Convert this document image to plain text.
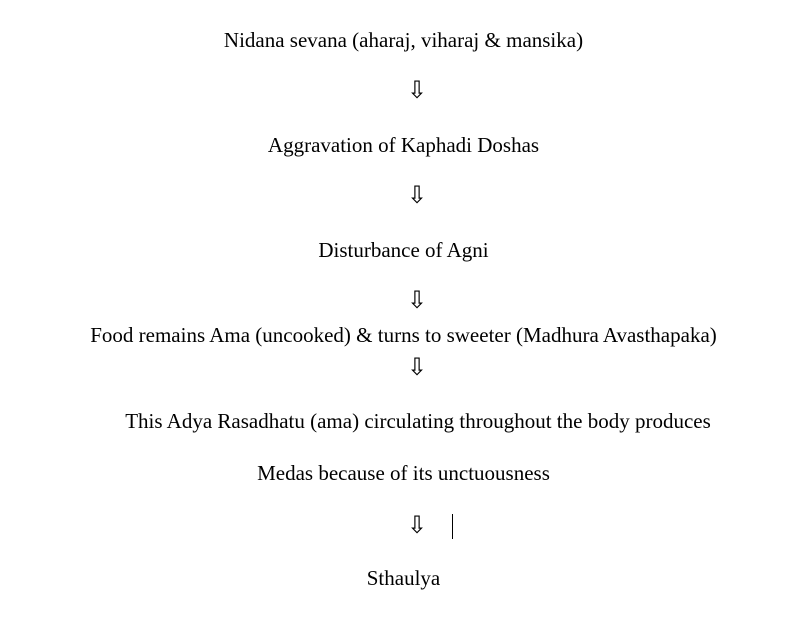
Nidana sevana (aharaj, viharaj & mansika)
⇩
Aggravation of Kaphadi Doshas
⇩
Disturbance of Agni
⇩
Food remains Ama (uncooked) & turns to sweeter (Madhura Avasthapaka)
⇩
This Adya Rasadhatu (ama) circulating throughout the body produces
Medas because of its unctuousness
⇩
Sthaulya
